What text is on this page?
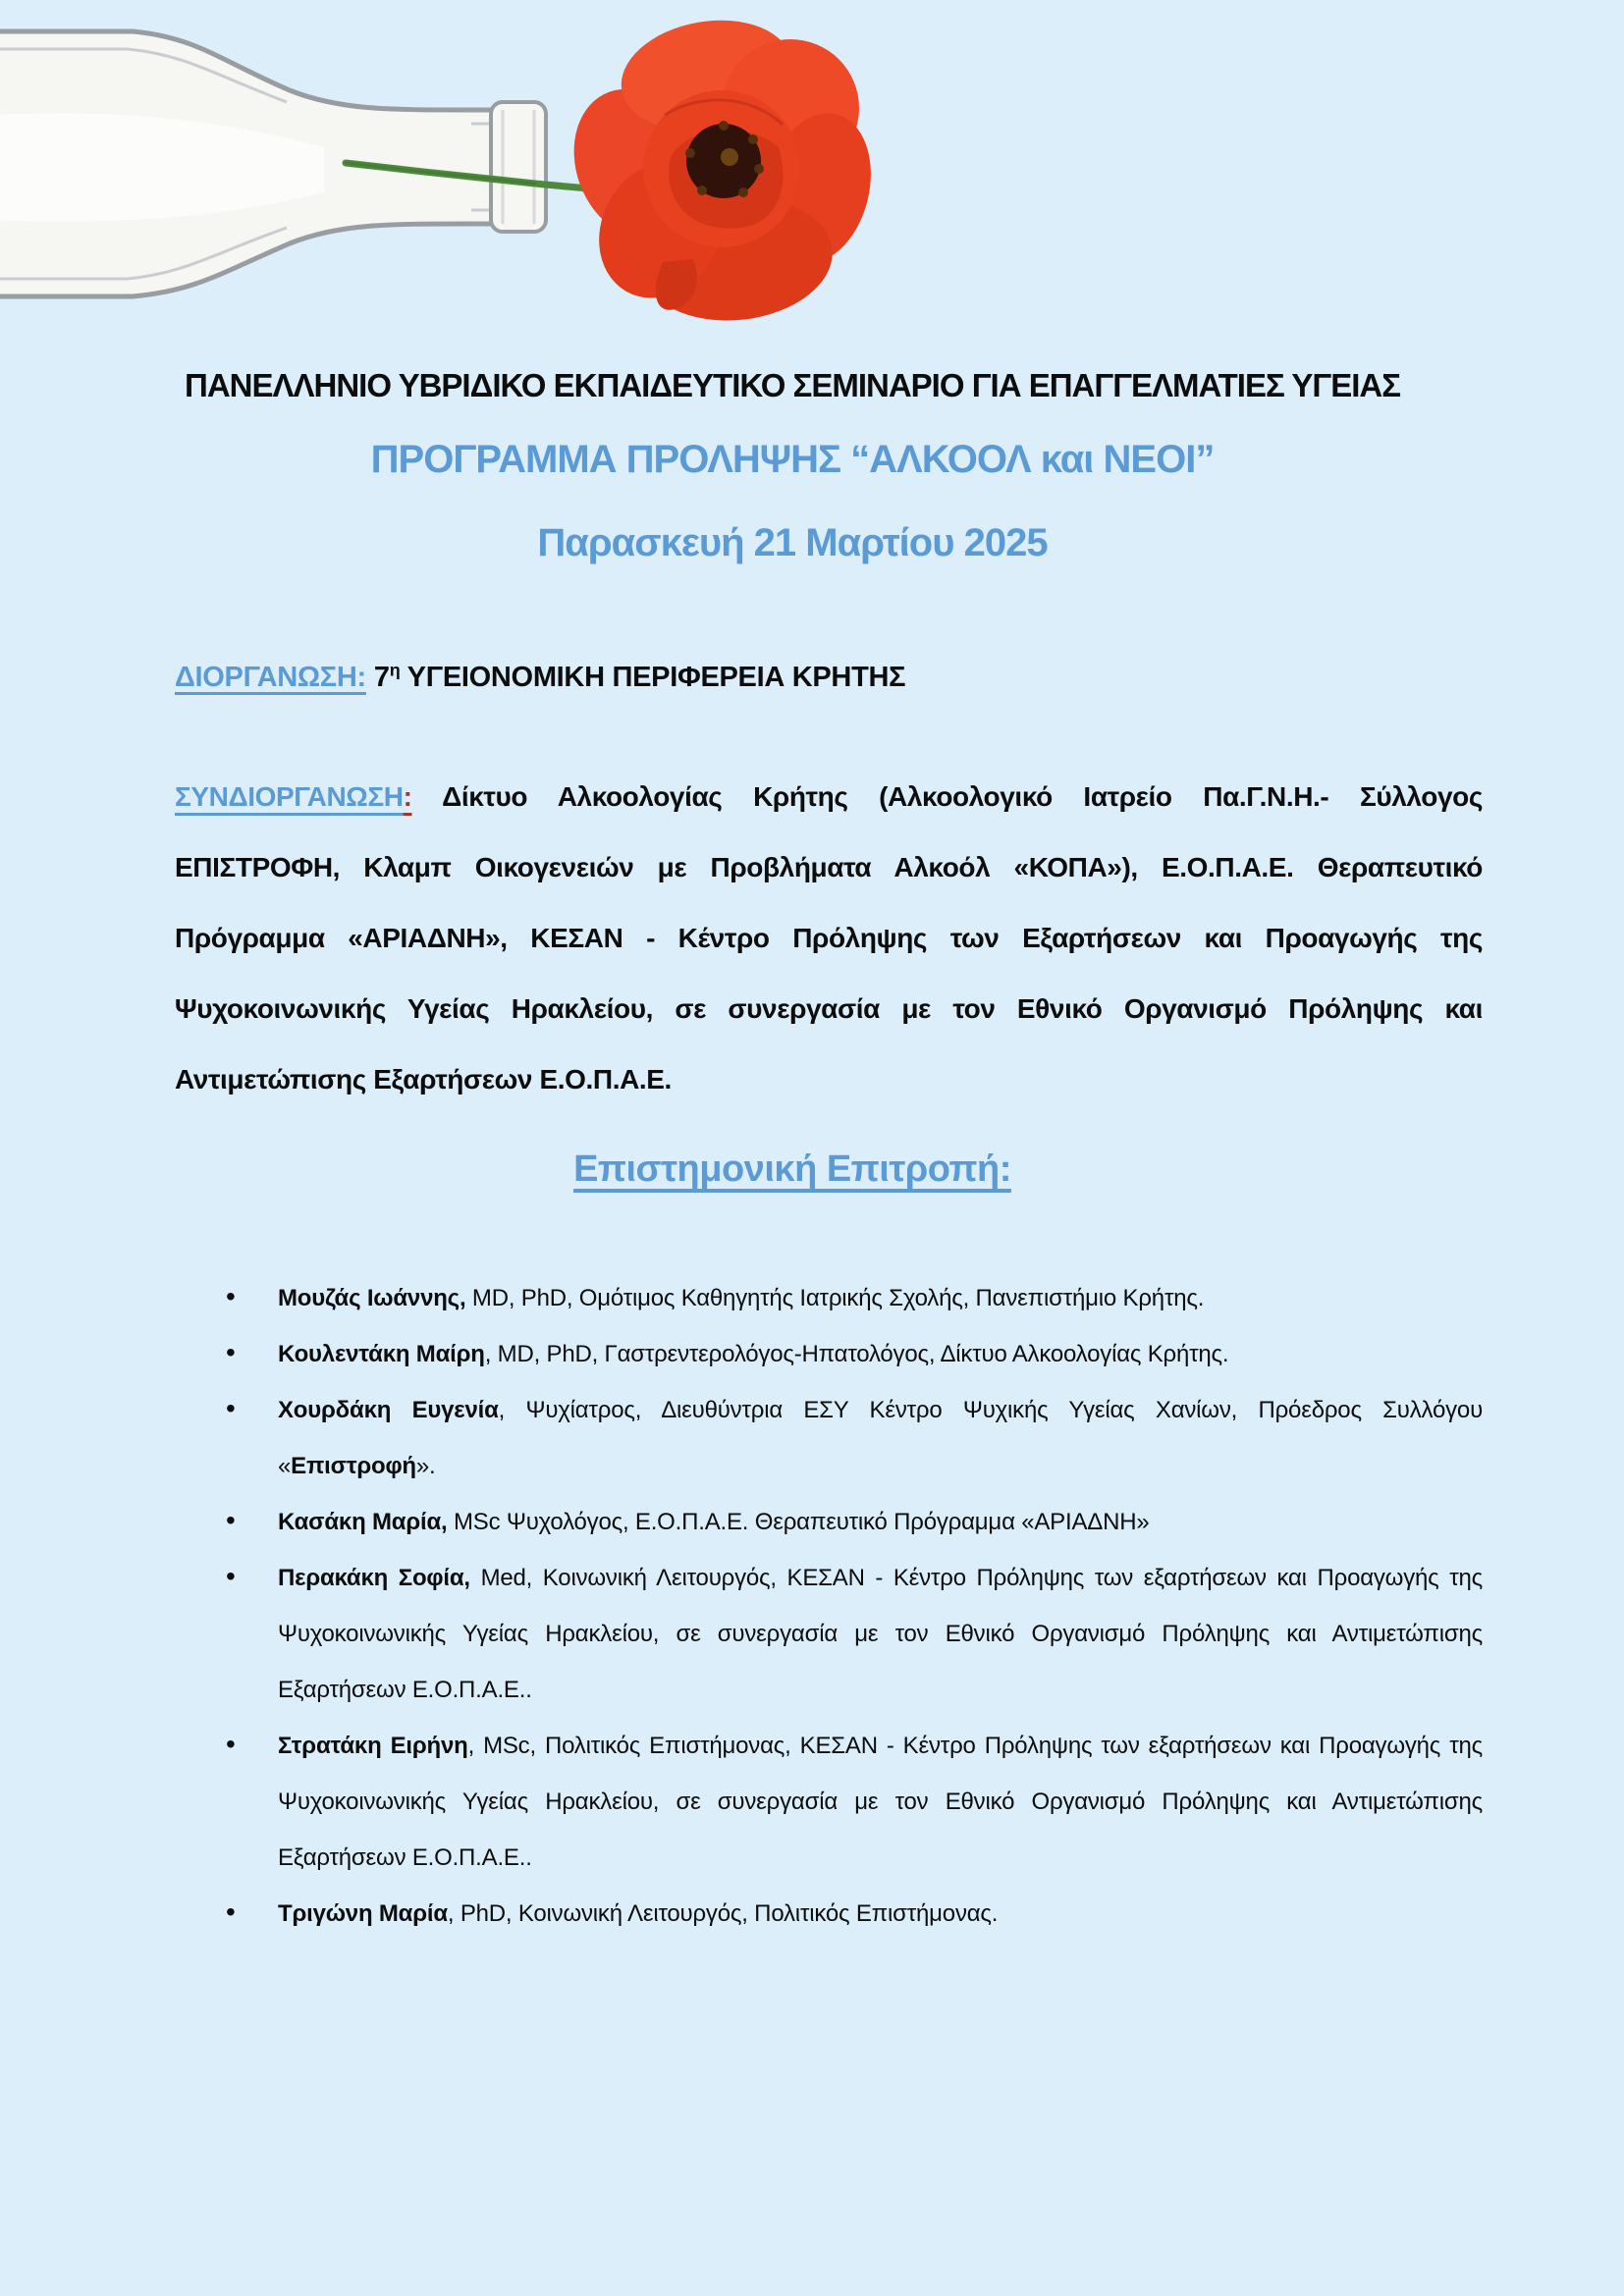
ΠΑΝΕΛΛΗΝΙΟ ΥΒΡΙΔΙΚΟ ΕΚΠΑΙΔΕΥΤΙΚΟ ΣΕΜΙΝΑΡΙΟ ΓΙΑ ΕΠΑΓΓΕΛΜΑΤΙΕΣ ΥΓΕΙΑΣ
ΠΡΟΓΡΑΜΜΑ ΠΡΟΛΗΨΗΣ “ΑΛΚΟΟΛ και ΝΕΟΙ”
Παρασκευή 21 Μαρτίου 2025

ΔΙΟΡΓΑΝΩΣΗ: $7^\eta$ ΥΓΕΙΟΝΟΜΙΚΗ ΠΕΡΙΦΕΡΕΙΑ ΚΡΗΤΗΣ

ΣΥΝΔΙΟΡΓΑΝΩΣΗ: Δίκτυο Αλκοολογίας Κρήτης (Αλκοολογικό Ιατρείο Πα.Γ.Ν.Η.- Σύλλογος ΕΠΙΣΤΡΟΦΗ, Κλαμπ Οικογενειών με Προβλήματα Αλκοόλ «ΚΟΠΑ»), Ε.Ο.Π.Α.Ε. Θεραπευτικό Πρόγραμμα «ΑΡΙΑΔΝΗ», ΚΕΣΑΝ - Κέντρο Πρόληψης των Εξαρτήσεων και Προαγωγής της Ψυχοκοινωνικής Υγείας Ηρακλείου, σε συνεργασία με τον Εθνικό Οργανισμό Πρόληψης και Αντιμετώπισης Εξαρτήσεων Ε.Ο.Π.Α.Ε.

Επιστημονική Επιτροπή:
• Μουζάς Ιωάννης, MD, PhD, Ομότιμος Καθηγητής Ιατρικής Σχολής, Πανεπιστήμιο Κρήτης.
• Κουλεντάκη Μαίρη, MD, PhD, Γαστρεντερολόγος-Ηπατολόγος, Δίκτυο Αλκοολογίας Κρήτης.
• Χουρδάκη Ευγενία, Ψυχίατρος, Διευθύντρια ΕΣΥ Κέντρο Ψυχικής Υγείας Χανίων, Πρόεδρος Συλλόγου «Επιστροφή».
• Κασάκη Μαρία, MSc Ψυχολόγος, Ε.Ο.Π.Α.Ε. Θεραπευτικό Πρόγραμμα «ΑΡΙΑΔΝΗ»
• Περακάκη Σοφία, Med, Κοινωνική Λειτουργός, ΚΕΣΑΝ - Κέντρο Πρόληψης των εξαρτήσεων και Προαγωγής της Ψυχοκοινωνικής Υγείας Ηρακλείου, σε συνεργασία με τον Εθνικό Οργανισμό Πρόληψης και Αντιμετώπισης Εξαρτήσεων Ε.Ο.Π.Α.Ε..
• Στρατάκη Ειρήνη, MSc, Πολιτικός Επιστήμονας, ΚΕΣΑΝ - Κέντρο Πρόληψης των εξαρτήσεων και Προαγωγής της Ψυχοκοινωνικής Υγείας Ηρακλείου, σε συνεργασία με τον Εθνικό Οργανισμό Πρόληψης και Αντιμετώπισης Εξαρτήσεων Ε.Ο.Π.Α.Ε..
• Τριγώνη Μαρία, PhD, Κοινωνική Λειτουργός, Πολιτικός Επιστήμονας.
